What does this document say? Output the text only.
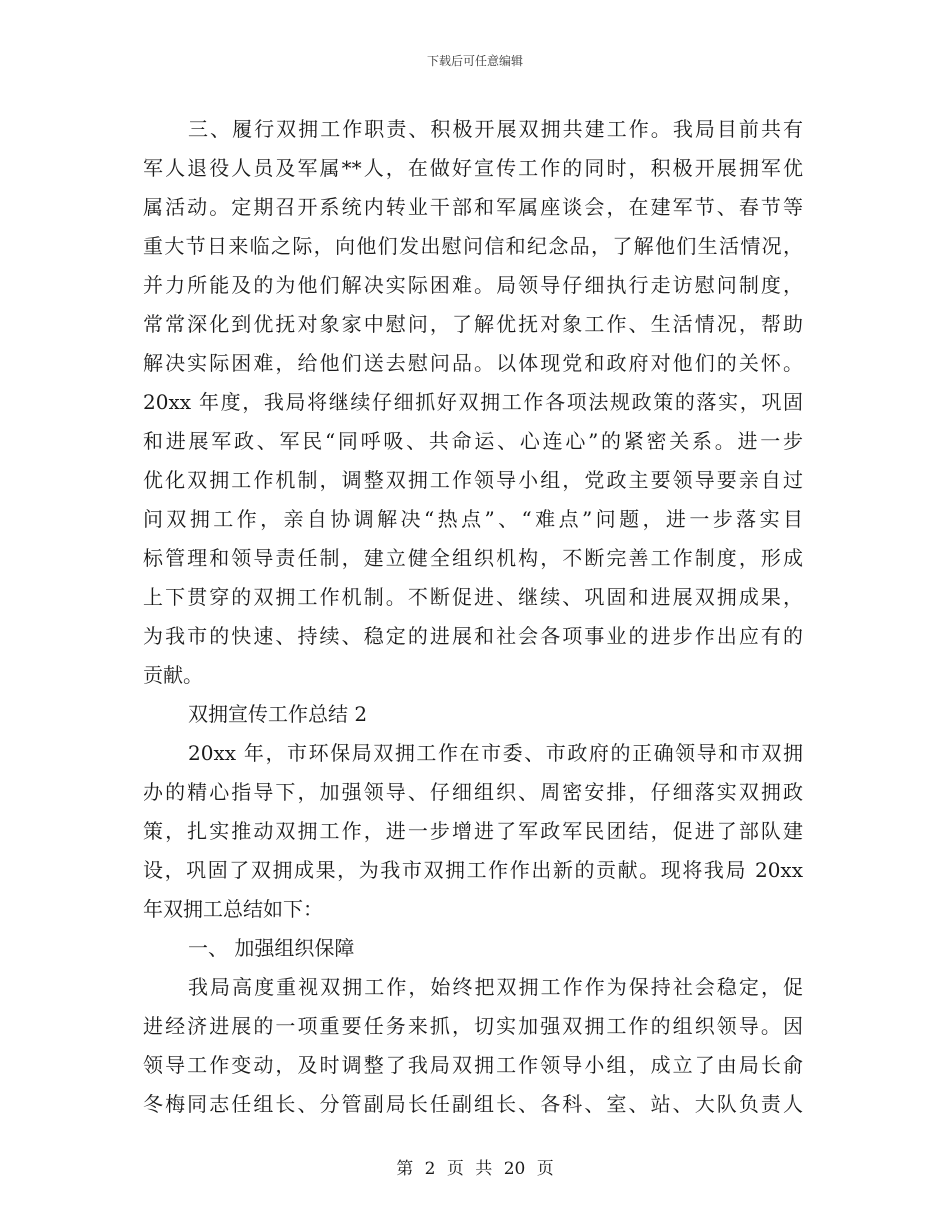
下载后可任意编辑
三、履行双拥工作职责、积极开展双拥共建工作。我局目前共有
军人退役人员及军属**人，在做好宣传工作的同时，积极开展拥军优
属活动。定期召开系统内转业干部和军属座谈会，在建军节、春节等
重大节日来临之际，向他们发出慰问信和纪念品，了解他们生活情况，
并力所能及的为他们解决实际困难。局领导仔细执行走访慰问制度，
常常深化到优抚对象家中慰问，了解优抚对象工作、生活情况，帮助
解决实际困难，给他们送去慰问品。以体现党和政府对他们的关怀。
20xx 年度，我局将继续仔细抓好双拥工作各项法规政策的落实，巩固
和进展军政、军民“同呼吸、共命运、心连心”的紧密关系。进一步
优化双拥工作机制，调整双拥工作领导小组，党政主要领导要亲自过
问双拥工作，亲自协调解决“热点”、“难点”问题，进一步落实目
标管理和领导责任制，建立健全组织机构，不断完善工作制度，形成
上下贯穿的双拥工作机制。不断促进、继续、巩固和进展双拥成果，
为我市的快速、持续、稳定的进展和社会各项事业的进步作出应有的
贡献。
双拥宣传工作总结 2
20xx 年，市环保局双拥工作在市委、市政府的正确领导和市双拥
办的精心指导下，加强领导、仔细组织、周密安排，仔细落实双拥政
策，扎实推动双拥工作，进一步增进了军政军民团结，促进了部队建
设，巩固了双拥成果，为我市双拥工作作出新的贡献。现将我局 20xx
年双拥工总结如下：
一、 加强组织保障
我局高度重视双拥工作，始终把双拥工作作为保持社会稳定，促
进经济进展的一项重要任务来抓，切实加强双拥工作的组织领导。因
领导工作变动，及时调整了我局双拥工作领导小组，成立了由局长俞
冬梅同志任组长、分管副局长任副组长、各科、室、站、大队负责人
第 2 页 共 20 页
